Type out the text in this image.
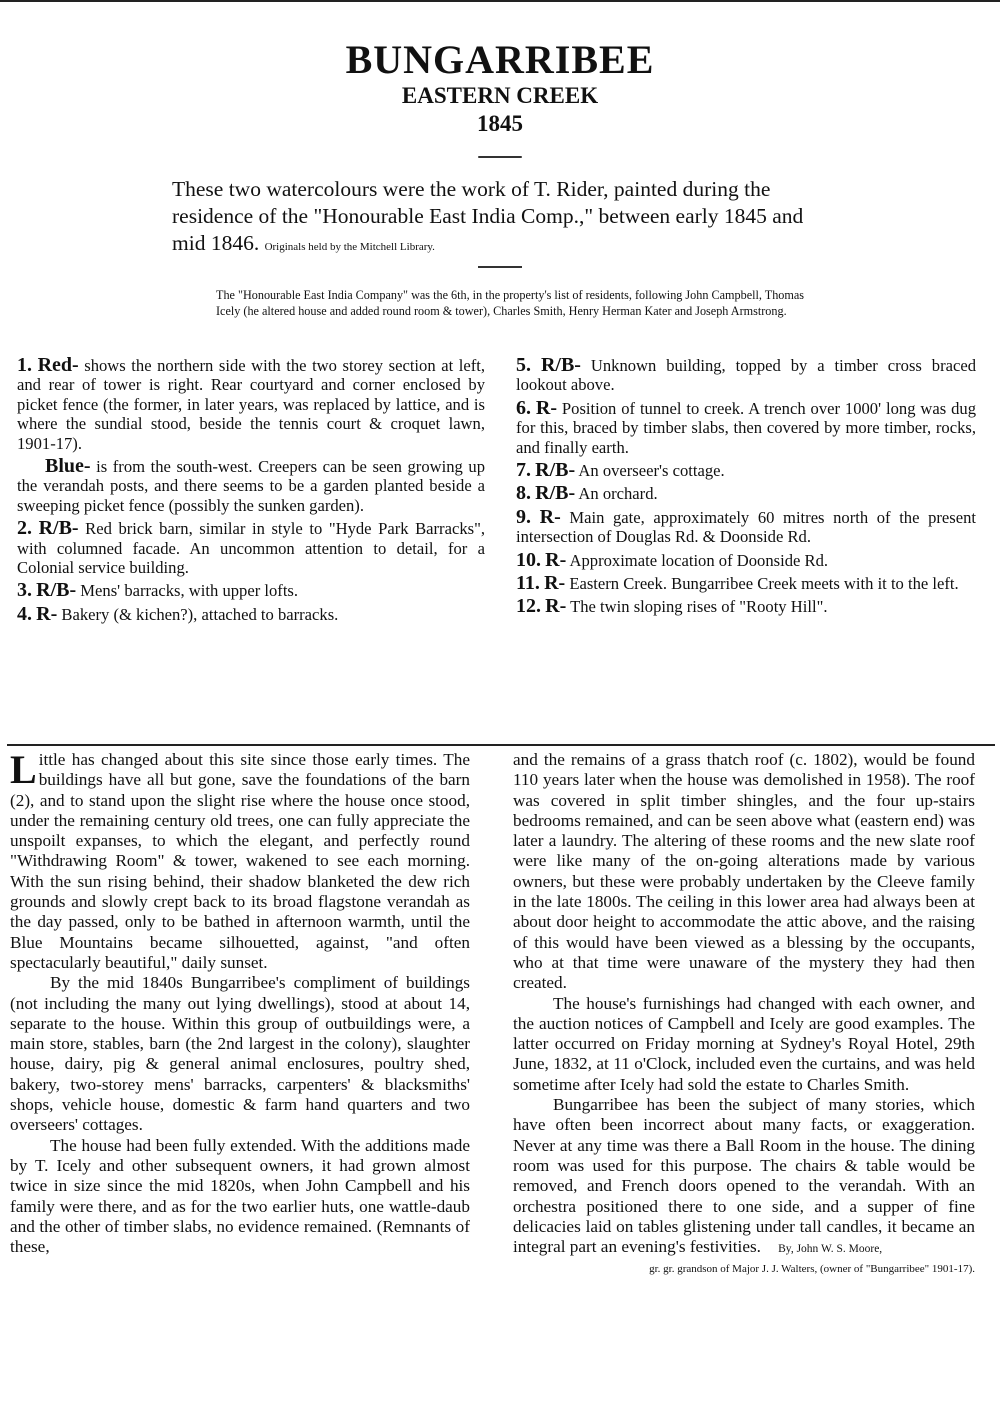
BUNGARRIBEE
EASTERN CREEK
1845
These two watercolours were the work of T. Rider, painted during the residence of the "Honourable East India Comp.," between early 1845 and mid 1846. Originals held by the Mitchell Library.
The "Honourable East India Company" was the 6th, in the property's list of residents, following John Campbell, Thomas Icely (he altered house and added round room & tower), Charles Smith, Henry Herman Kater and Joseph Armstrong.

1. Red- shows the northern side with the two storey section at left, and rear of tower is right. Rear courtyard and corner enclosed by picket fence (the former, in later years, was replaced by lattice, and is where the sundial stood, beside the tennis court & croquet lawn, 1901-17).

Blue- is from the south-west. Creepers can be seen growing up the verandah posts, and there seems to be a garden planted beside a sweeping picket fence (possibly the sunken garden).

2. R/B- Red brick barn, similar in style to "Hyde Park Barracks", with columned facade. An uncommon attention to detail, for a Colonial service building.

3. R/B- Mens' barracks, with upper lofts.

4. R- Bakery (& kichen?), attached to barracks.

5. R/B- Unknown building, topped by a timber cross braced lookout above.

6. R- Position of tunnel to creek. A trench over 1000' long was dug for this, braced by timber slabs, then covered by more timber, rocks, and finally earth.

7. R/B- An overseer's cottage.

8. R/B- An orchard.

9. R- Main gate, approximately 60 mitres north of the present intersection of Douglas Rd. & Doonside Rd.

10. R- Approximate location of Doonside Rd.

11. R- Eastern Creek. Bungarribee Creek meets with it to the left.

12. R- The twin sloping rises of "Rooty Hill".

Little has changed about this site since those early times. The buildings have all but gone, save the foundations of the barn (2), and to stand upon the slight rise where the house once stood, under the remaining century old trees, one can fully appreciate the unspoilt expanses, to which the elegant, and perfectly round "Withdrawing Room" & tower, wakened to see each morning. With the sun rising behind, their shadow blanketed the dew rich grounds and slowly crept back to its broad flagstone verandah as the day passed, only to be bathed in afternoon warmth, until the Blue Mountains became silhouetted, against, "and often spectacularly beautiful," daily sunset.

By the mid 1840s Bungarribee's compliment of buildings (not including the many out lying dwellings), stood at about 14, separate to the house. Within this group of outbuildings were, a main store, stables, barn (the 2nd largest in the colony), slaughter house, dairy, pig & general animal enclosures, poultry shed, bakery, two-storey mens' barracks, carpenters' & blacksmiths' shops, vehicle house, domestic & farm hand quarters and two overseers' cottages.

The house had been fully extended. With the additions made by T. Icely and other subsequent owners, it had grown almost twice in size since the mid 1820s, when John Campbell and his family were there, and as for the two earlier huts, one wattle-daub and the other of timber slabs, no evidence remained. (Remnants of these,

and the remains of a grass thatch roof (c. 1802), would be found 110 years later when the house was demolished in 1958). The roof was covered in split timber shingles, and the four up-stairs bedrooms remained, and can be seen above what (eastern end) was later a laundry. The altering of these rooms and the new slate roof were like many of the on-going alterations made by various owners, but these were probably undertaken by the Cleeve family in the late 1800s. The ceiling in this lower area had always been at about door height to accommodate the attic above, and the raising of this would have been viewed as a blessing by the occupants, who at that time were unaware of the mystery they had then created.

The house's furnishings had changed with each owner, and the auction notices of Campbell and Icely are good examples. The latter occurred on Friday morning at Sydney's Royal Hotel, 29th June, 1832, at 11 o'Clock, included even the curtains, and was held sometime after Icely had sold the estate to Charles Smith.

Bungarribee has been the subject of many stories, which have often been incorrect about many facts, or exaggeration. Never at any time was there a Ball Room in the house. The dining room was used for this purpose. The chairs & table would be removed, and French doors opened to the verandah. With an orchestra positioned there to one side, and a supper of fine delicacies laid on tables glistening under tall candles, it became an integral part an evening's festivities. By, John W. S. Moore,

gr. gr. grandson of Major J. J. Walters, (owner of "Bungarribee" 1901-17).
